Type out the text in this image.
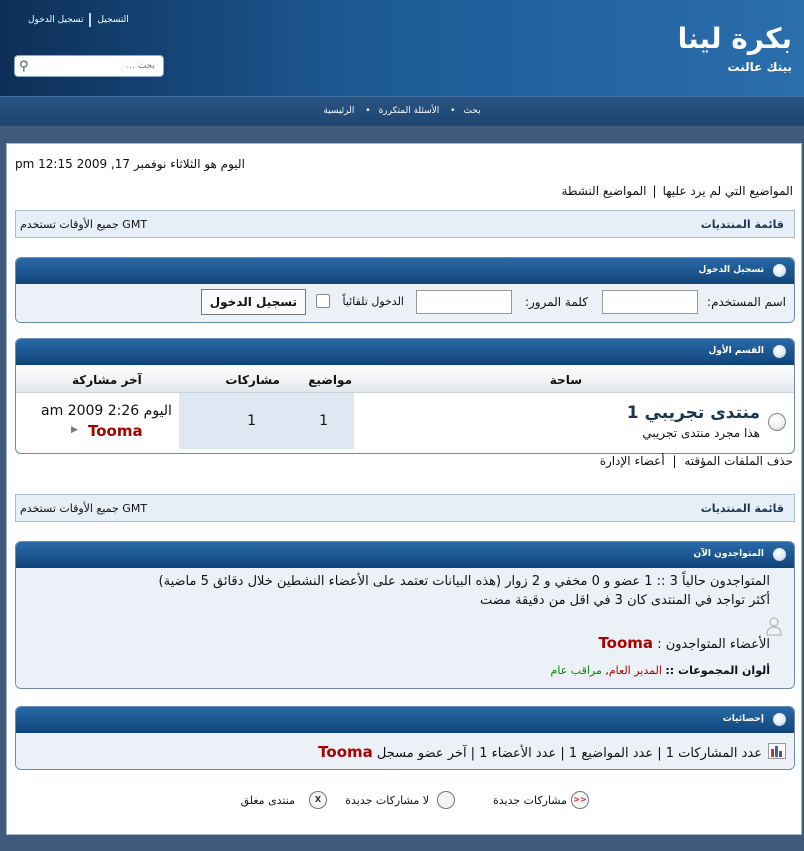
بكرة لينا
بيتك عالنت
تسجيل الدخول التسجيل
⚲
بحث ...
بحث• الأسئلة المتكررة• الرئيسية
اليوم هو الثلاثاء نوفمبر 17, 2009 12:15 pm
المواضيع التي لم يرد عليها|المواضيع النشطة
قائمة المنتديات
جميع الأوقات تستخدم GMT
تسجيل الدخول
اسم المستخدم:
كلمة المرور:
الدخول تلقائياً
تسجيل الدخول
القسم الأول
ساحة
مواضيع
مشاركات
آخر مشاركة
منتدى تجريبي 1
هذا مجرد منتدى تجريبي
1
1
اليوم 2:26 2009 am
▶ Tooma
حذف الملفات المؤقته | أعضاء الإدارة
قائمة المنتديات
جميع الأوقات تستخدم GMT
المتواجدون الآن
المتواجدون حالياً 3 :: 1 عضو و 0 مخفي و 2 زوار (هذه البيانات تعتمد على الأعضاء النشطين خلال دقائق 5 ماضية)
أكثر تواجد في المنتدى كان 3 في اقل من دقيقة مضت
الأعضاء المتواجدون : Tooma
ألوان المجموعات :: المدير العام, مراقب عام
إحصائيات
عدد المشاركات 1 | عدد المواضيع 1 | عدد الأعضاء 1 | آخر عضو مسجل Tooma
مشاركات جديدة <<
لا مشاركات جديدة
منتدى مغلق	X
